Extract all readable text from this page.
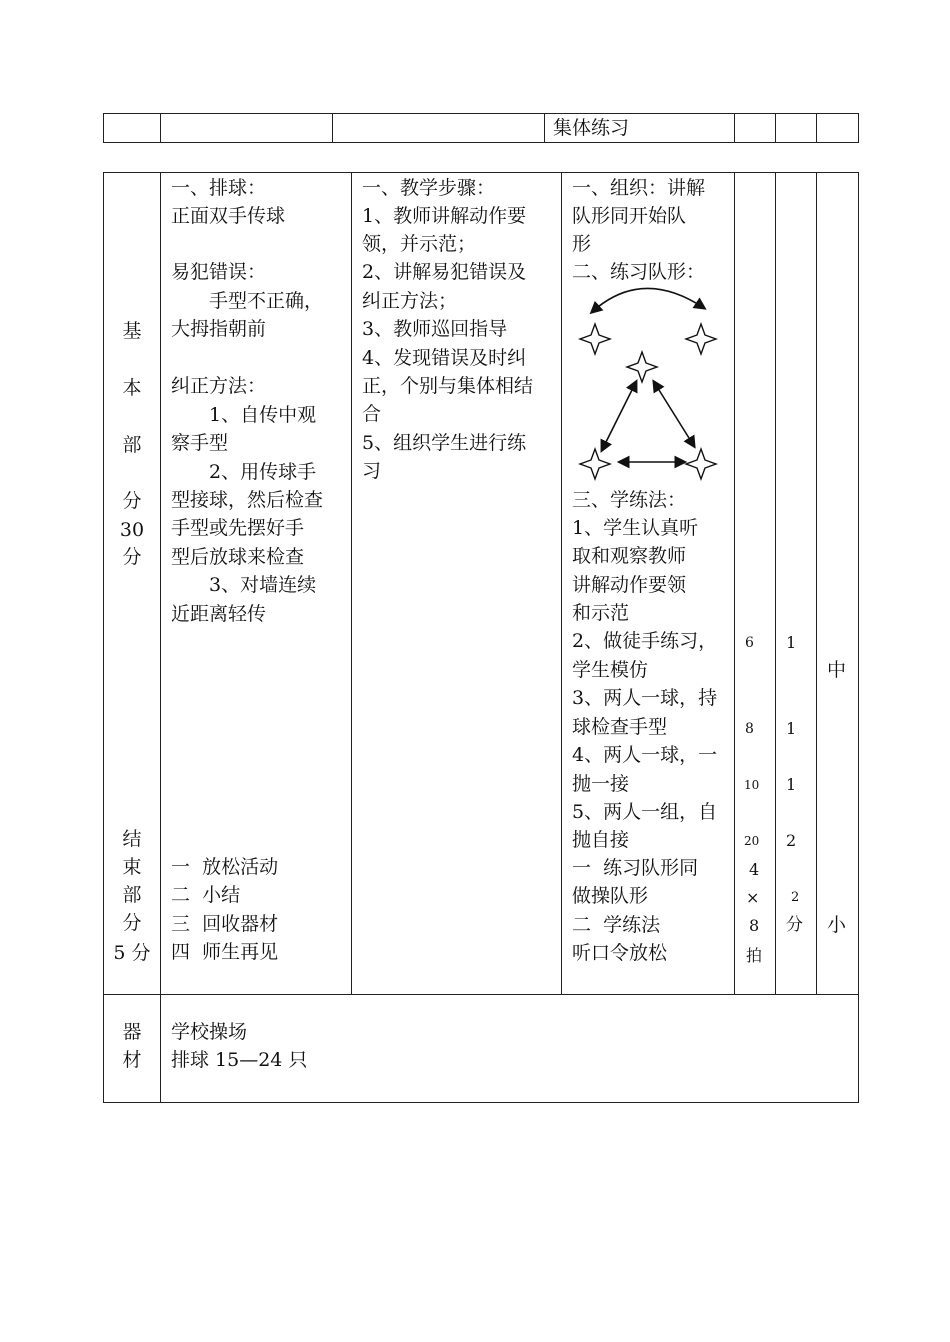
集体练习
基
本
部
分
30
分
结
束
部
分
5 分
器
材
一、排球：
正面双手传球
易犯错误：
　　手型不正确，
大拇指朝前
纠正方法：
　　1、自传中观
察手型
　　2、用传球手
型接球，然后检查
手型或先摆好手
型后放球来检查
　　3、对墙连续
近距离轻传
一  放松活动
二  小结
三  回收器材
四  师生再见
一、教学步骤：
1、教师讲解动作要
领，并示范；
2、讲解易犯错误及
纠正方法；
3、教师巡回指导
4、发现错误及时纠
正，个别与集体相结
合
5、组织学生进行练
习
一、组织：讲解
队形同开始队
形
二、练习队形：
三、学练法：
1、学生认真听
取和观察教师
讲解动作要领
和示范
2、做徒手练习，
学生模仿
3、两人一球，持
球检查手型
4、两人一球，一
抛一接
5、两人一组，自
抛自接
一  练习队形同
做操队形
二  学练法
听口令放松
6
8
10
20
4
×
8
拍
1
1
1
2
2
分
中
小
学校操场
排球 15—24 只
